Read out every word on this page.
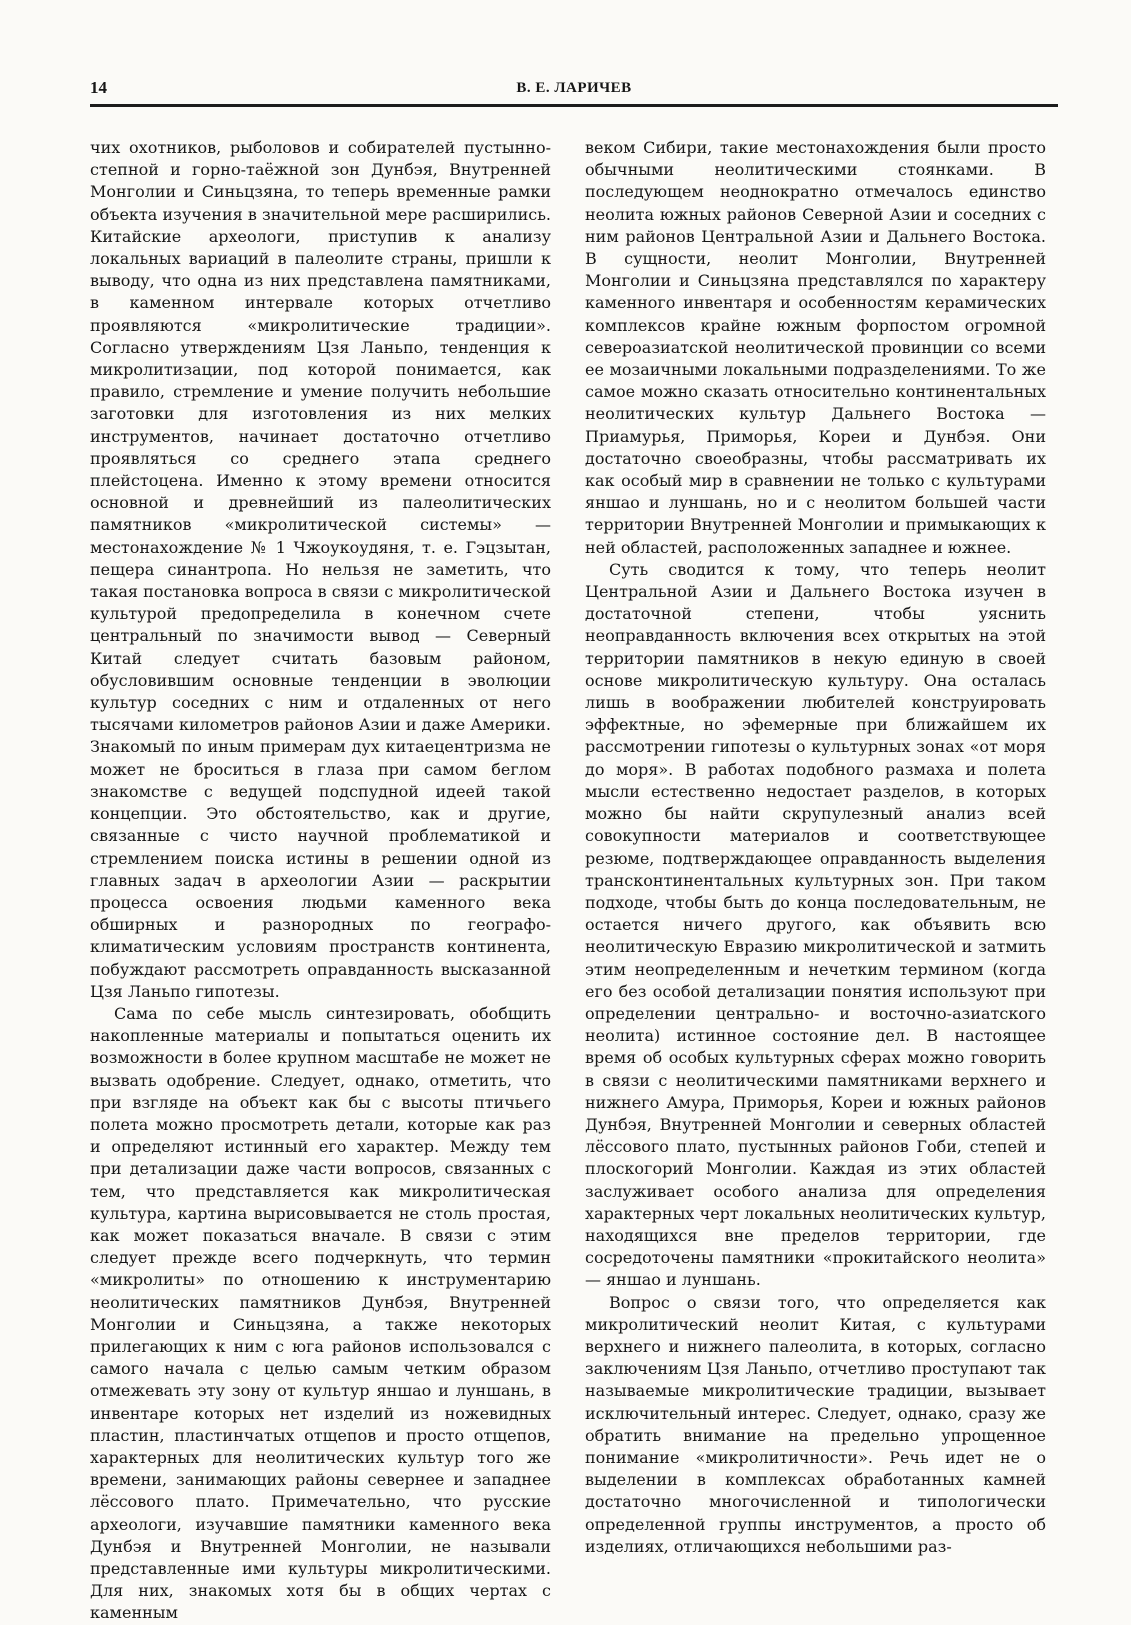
14	В. Е. ЛАРИЧЕВ

чих охотников, рыболовов и собирателей пустынно-степной и горно-таёжной зон Дунбэя, Внутренней Монголии и Синьцзяна, то теперь временные рамки объекта изучения в значительной мере расширились. Китайские археологи, приступив к анализу локальных вариаций в палеолите страны, пришли к выводу, что одна из них представлена памятниками, в каменном интервале которых отчетливо проявляются «микролитические традиции». Согласно утверждениям Цзя Ланьпо, тенденция к микролитизации, под которой понимается, как правило, стремление и умение получить небольшие заготовки для изготовления из них мелких инструментов, начинает достаточно отчетливо проявляться со среднего этапа среднего плейстоцена. Именно к этому времени относится основной и древнейший из палеолитических памятников «микролитической системы» — местонахождение № 1 Чжоукоудяня, т. е. Гэцзытан, пещера синантропа. Но нельзя не заметить, что такая постановка вопроса в связи с микролитической культурой предопределила в конечном счете центральный по значимости вывод — Северный Китай следует считать базовым районом, обусловившим основные тенденции в эволюции культур соседних с ним и отдаленных от него тысячами километров районов Азии и даже Америки. Знакомый по иным примерам дух китаецентризма не может не броситься в глаза при самом беглом знакомстве с ведущей подспудной идеей такой концепции. Это обстоятельство, как и другие, связанные с чисто научной проблематикой и стремлением поиска истины в решении одной из главных задач в археологии Азии — раскрытии процесса освоения людьми каменного века обширных и разнородных по географо-климатическим условиям пространств континента, побуждают рассмотреть оправданность высказанной Цзя Ланьпо гипотезы.

Сама по себе мысль синтезировать, обобщить накопленные материалы и попытаться оценить их возможности в более крупном масштабе не может не вызвать одобрение. Следует, однако, отметить, что при взгляде на объект как бы с высоты птичьего полета можно просмотреть детали, которые как раз и определяют истинный его характер. Между тем при детализации даже части вопросов, связанных с тем, что представляется как микролитическая культура, картина вырисовывается не столь простая, как может показаться вначале. В связи с этим следует прежде всего подчеркнуть, что термин «микролиты» по отношению к инструментарию неолитических памятников Дунбэя, Внутренней Монголии и Синьцзяна, а также некоторых прилегающих к ним с юга районов использовался с самого начала с целью самым четким образом отмежевать эту зону от культур яншао и луншань, в инвентаре которых нет изделий из ножевидных пластин, пластинчатых отщепов и просто отщепов, характерных для неолитических культур того же времени, занимающих районы севернее и западнее лёссового плато. Примечательно, что русские археологи, изучавшие памятники каменного века Дунбэя и Внутренней Монголии, не называли представленные ими культуры микролитическими. Для них, знакомых хотя бы в общих чертах с каменным

веком Сибири, такие местонахождения были просто обычными неолитическими стоянками. В последующем неоднократно отмечалось единство неолита южных районов Северной Азии и соседних с ним районов Центральной Азии и Дальнего Востока. В сущности, неолит Монголии, Внутренней Монголии и Синьцзяна представлялся по характеру каменного инвентаря и особенностям керамических комплексов крайне южным форпостом огромной североазиатской неолитической провинции со всеми ее мозаичными локальными подразделениями. То же самое можно сказать относительно континентальных неолитических культур Дальнего Востока — Приамурья, Приморья, Кореи и Дунбэя. Они достаточно своеобразны, чтобы рассматривать их как особый мир в сравнении не только с культурами яншао и луншань, но и с неолитом большей части территории Внутренней Монголии и примыкающих к ней областей, расположенных западнее и южнее.

Суть сводится к тому, что теперь неолит Центральной Азии и Дальнего Востока изучен в достаточной степени, чтобы уяснить неоправданность включения всех открытых на этой территории памятников в некую единую в своей основе микролитическую культуру. Она осталась лишь в воображении любителей конструировать эффектные, но эфемерные при ближайшем их рассмотрении гипотезы о культурных зонах «от моря до моря». В работах подобного размаха и полета мысли естественно недостает разделов, в которых можно бы найти скрупулезный анализ всей совокупности материалов и соответствующее резюме, подтверждающее оправданность выделения трансконтинентальных культурных зон. При таком подходе, чтобы быть до конца последовательным, не остается ничего другого, как объявить всю неолитическую Евразию микролитической и затмить этим неопределенным и нечетким термином (когда его без особой детализации понятия используют при определении центрально- и восточно-азиатского неолита) истинное состояние дел. В настоящее время об особых культурных сферах можно говорить в связи с неолитическими памятниками верхнего и нижнего Амура, Приморья, Кореи и южных районов Дунбэя, Внутренней Монголии и северных областей лёссового плато, пустынных районов Гоби, степей и плоскогорий Монголии. Каждая из этих областей заслуживает особого анализа для определения характерных черт локальных неолитических культур, находящихся вне пределов территории, где сосредоточены памятники «прокитайского неолита» — яншао и луншань.

Вопрос о связи того, что определяется как микролитический неолит Китая, с культурами верхнего и нижнего палеолита, в которых, согласно заключениям Цзя Ланьпо, отчетливо проступают так называемые микролитические традиции, вызывает исключительный интерес. Следует, однако, сразу же обратить внимание на предельно упрощенное понимание «микролитичности». Речь идет не о выделении в комплексах обработанных камней достаточно многочисленной и типологически определенной группы инструментов, а просто об изделиях, отличающихся небольшими раз-
